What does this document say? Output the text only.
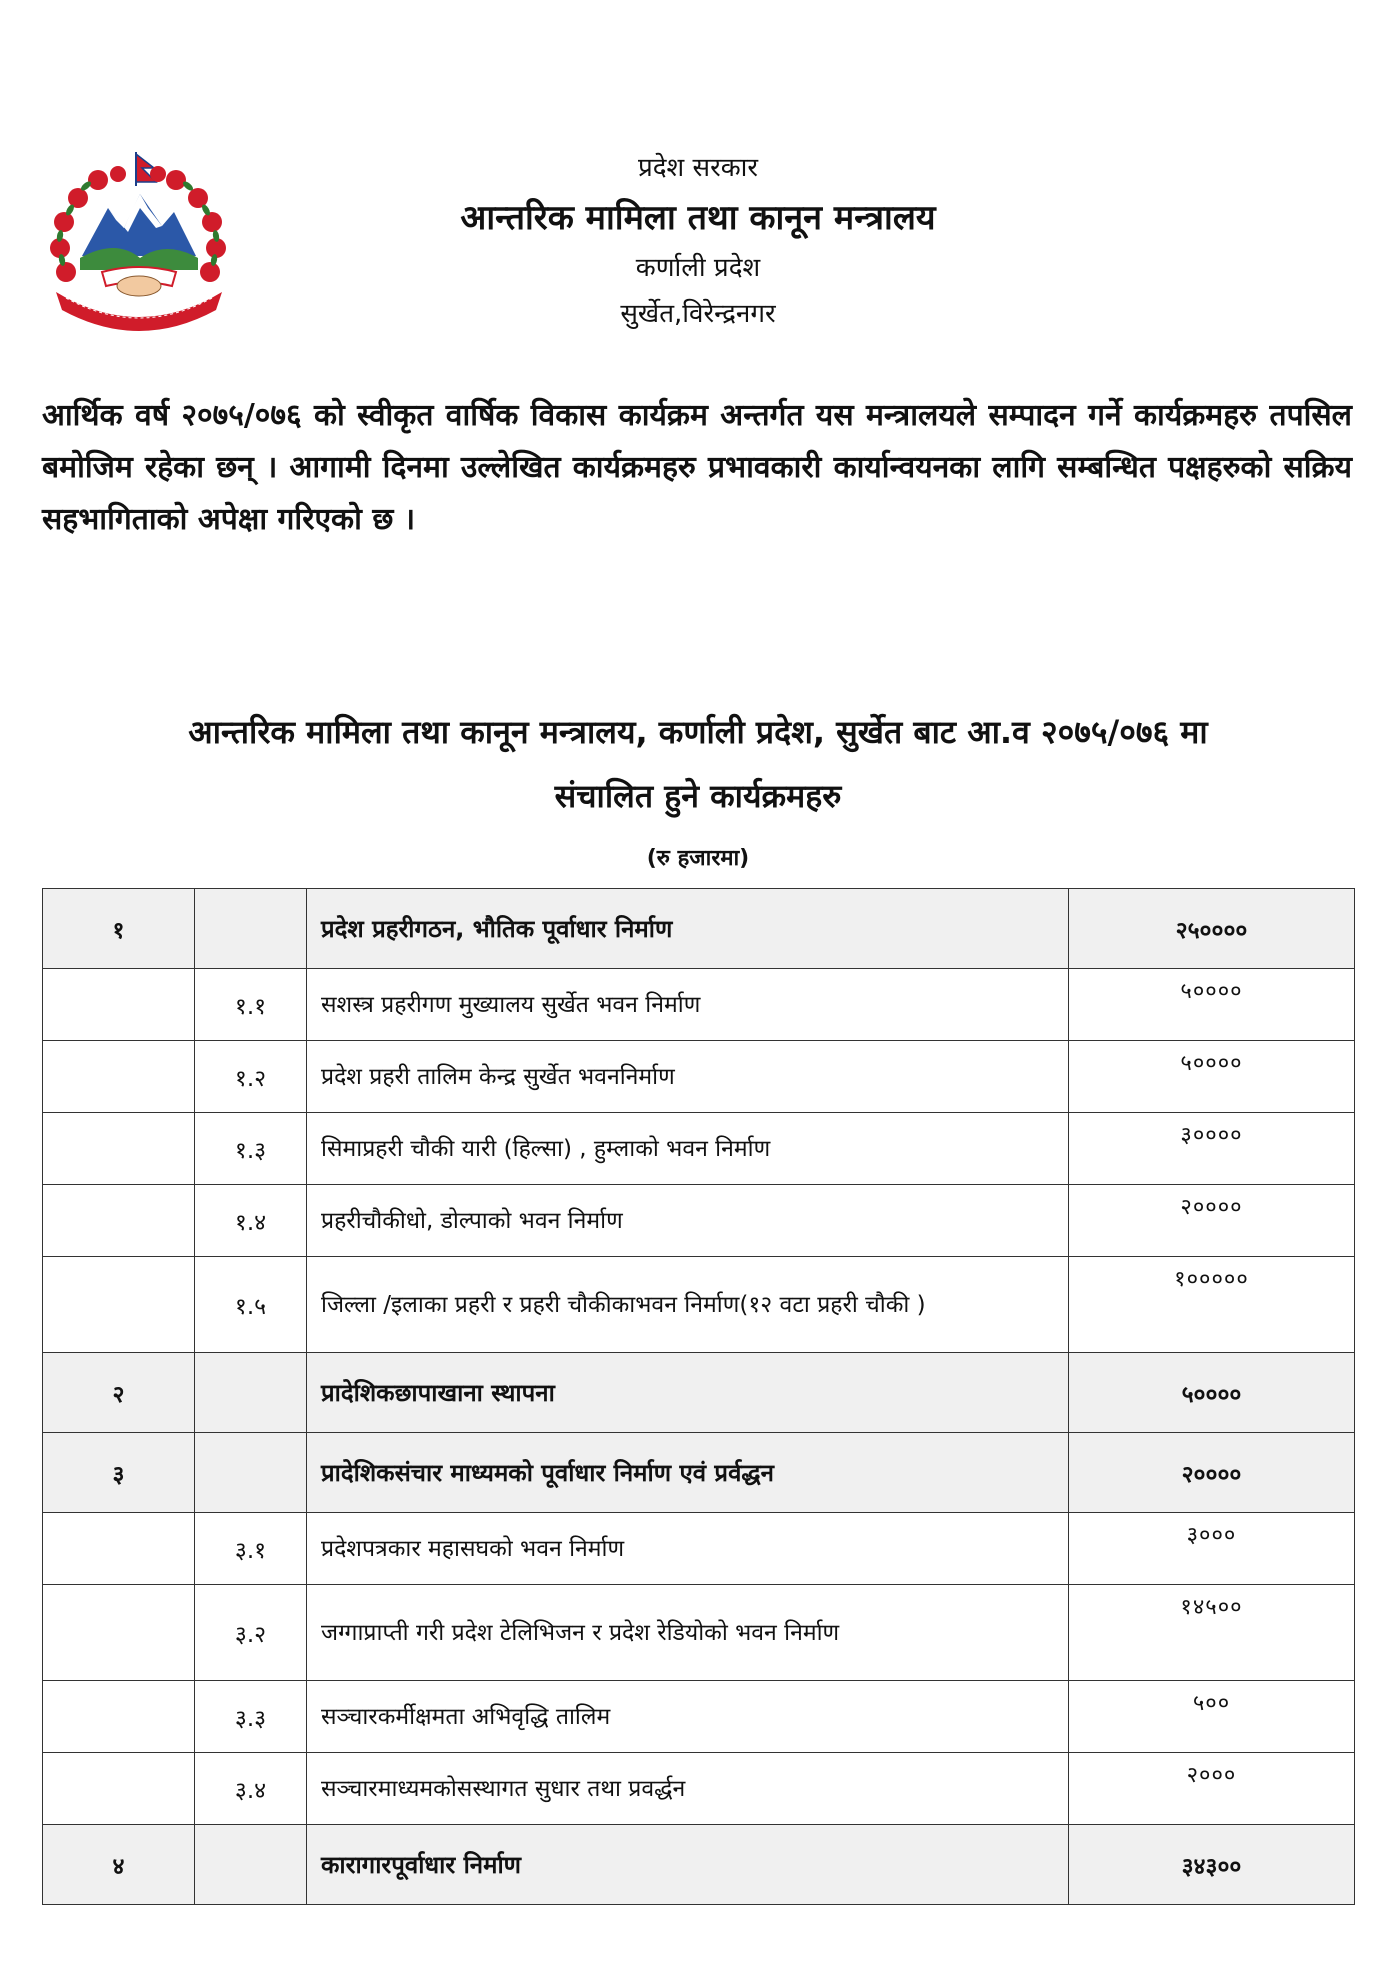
प्रदेश सरकार
आन्तरिक मामिला तथा कानून मन्त्रालय
कर्णाली प्रदेश
सुर्खेत,विरेन्द्रनगर
आर्थिक वर्ष २०७५/०७६ को स्वीकृत वार्षिक विकास कार्यक्रम अन्तर्गत यस मन्त्रालयले सम्पादन गर्ने कार्यक्रमहरु तपसिल बमोजिम रहेका छन् । आगामी दिनमा उल्लेखित कार्यक्रमहरु प्रभावकारी कार्यान्वयनका लागि सम्बन्धित पक्षहरुको सक्रिय सहभागिताको अपेक्षा गरिएको छ ।
आन्तरिक मामिला तथा कानून मन्त्रालय, कर्णाली प्रदेश, सुर्खेत बाट आ.व २०७५/०७६ मा
संचालित हुने कार्यक्रमहरु
(रु हजारमा)
१		प्रदेश प्रहरीगठन, भौतिक पूर्वाधार निर्माण	२५००००
	१.१	सशस्त्र प्रहरीगण मुख्यालय सुर्खेत भवन निर्माण	५००००
	१.२	प्रदेश प्रहरी तालिम केन्द्र सुर्खेत भवननिर्माण	५००००
	१.३	सिमाप्रहरी चौकी यारी (हिल्सा) , हुम्लाको भवन निर्माण	३००००
	१.४	प्रहरीचौकीधो, डोल्पाको भवन निर्माण	२००००
	१.५	जिल्ला /इलाका प्रहरी र प्रहरी चौकीकाभवन निर्माण(१२ वटा प्रहरी चौकी )	१०००००
२		प्रादेशिकछापाखाना स्थापना	५००००
३		प्रादेशिकसंचार माध्यमको पूर्वाधार निर्माण एवं प्रर्वद्धन	२००००
	३.१	प्रदेशपत्रकार महासघको भवन निर्माण	३०००
	३.२	जग्गाप्राप्ती गरी प्रदेश टेलिभिजन र प्रदेश रेडियोको भवन निर्माण	१४५००
	३.३	सञ्चारकर्मीक्षमता अभिवृद्धि तालिम	५००
	३.४	सञ्चारमाध्यमकोसस्थागत सुधार तथा प्रवर्द्धन	२०००
४		कारागारपूर्वाधार निर्माण	३४३००
